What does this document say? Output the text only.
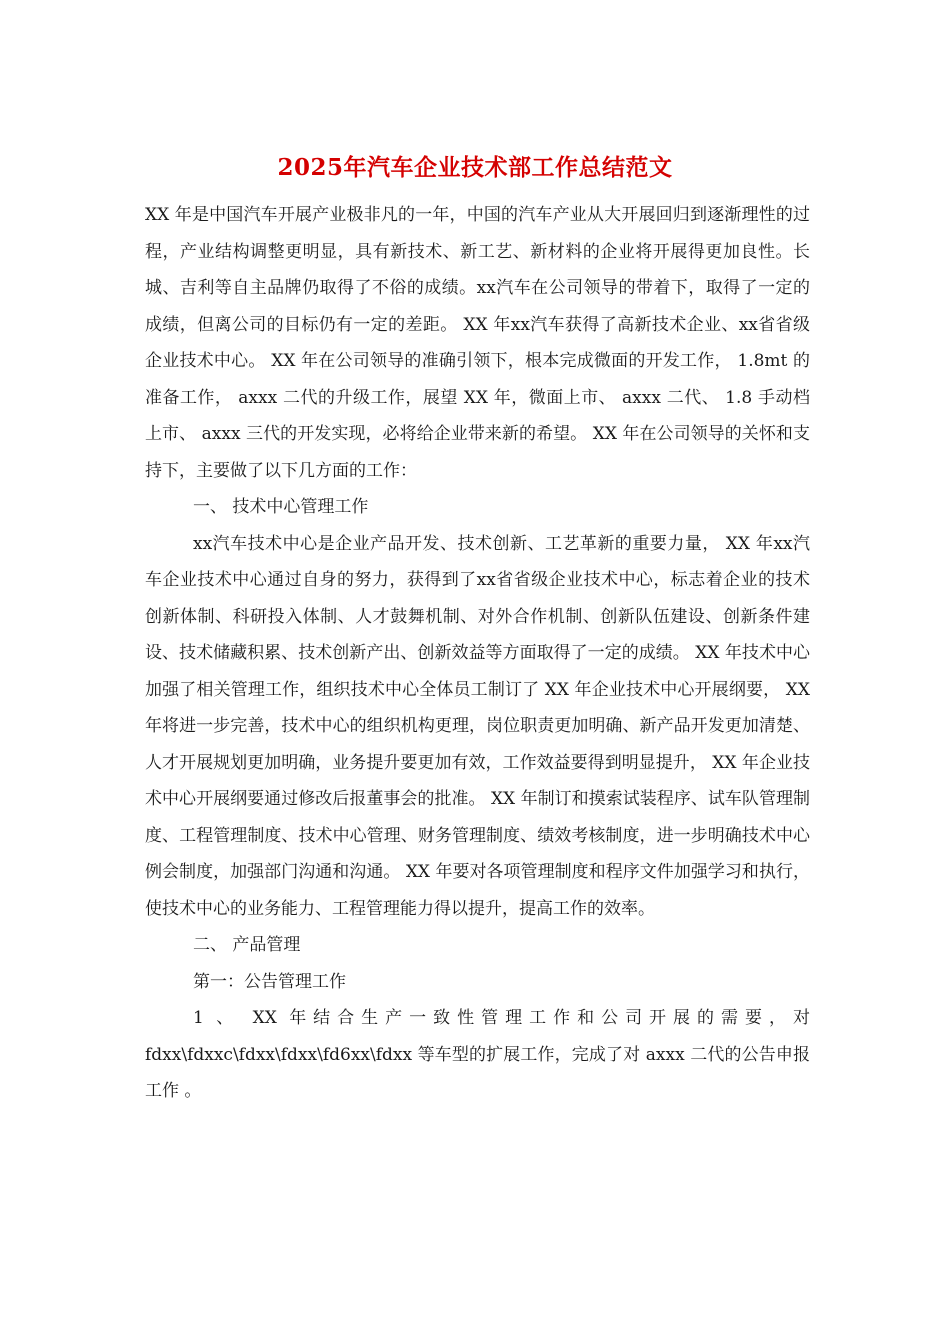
2025年汽车企业技术部工作总结范文

XX 年是中国汽车开展产业极非凡的一年，中国的汽车产业从大开展回归到逐渐理性的过程，产业结构调整更明显，具有新技术、新工艺、新材料的企业将开展得更加良性。长城、吉利等自主品牌仍取得了不俗的成绩。xx汽车在公司领导的带着下，取得了一定的成绩，但离公司的目标仍有一定的差距。 XX 年xx汽车获得了高新技术企业、xx省省级企业技术中心。 XX 年在公司领导的准确引领下，根本完成微面的开发工作， 1.8mt 的准备工作， axxx 二代的升级工作，展望 XX 年，微面上市、 axxx 二代、 1.8 手动档上市、 axxx 三代的开发实现，必将给企业带来新的希望。 XX 年在公司领导的关怀和支持下，主要做了以下几方面的工作：

一、 技术中心管理工作

xx汽车技术中心是企业产品开发、技术创新、工艺革新的重要力量， XX 年xx汽车企业技术中心通过自身的努力，获得到了xx省省级企业技术中心，标志着企业的技术创新体制、科研投入体制、人才鼓舞机制、对外合作机制、创新队伍建设、创新条件建设、技术储藏积累、技术创新产出、创新效益等方面取得了一定的成绩。 XX 年技术中心加强了相关管理工作，组织技术中心全体员工制订了 XX 年企业技术中心开展纲要， XX 年将进一步完善，技术中心的组织机构更理，岗位职责更加明确、新产品开发更加清楚、人才开展规划更加明确，业务提升要更加有效，工作效益要得到明显提升， XX 年企业技术中心开展纲要通过修改后报董事会的批准。 XX 年制订和摸索试装程序、试车队管理制度、工程管理制度、技术中心管理、财务管理制度、绩效考核制度，进一步明确技术中心例会制度，加强部门沟通和沟通。 XX 年要对各项管理制度和程序文件加强学习和执行，使技术中心的业务能力、工程管理能力得以提升，提高工作的效率。

二、 产品管理

第一：公告管理工作

1 、 XX 年结合生产一致性管理工作和公司开展的需要，对 fdxx\fdxxc\fdxx\fdxx\fd6xx\fdxx 等车型的扩展工作，完成了对 axxx 二代的公告申报工作 。
